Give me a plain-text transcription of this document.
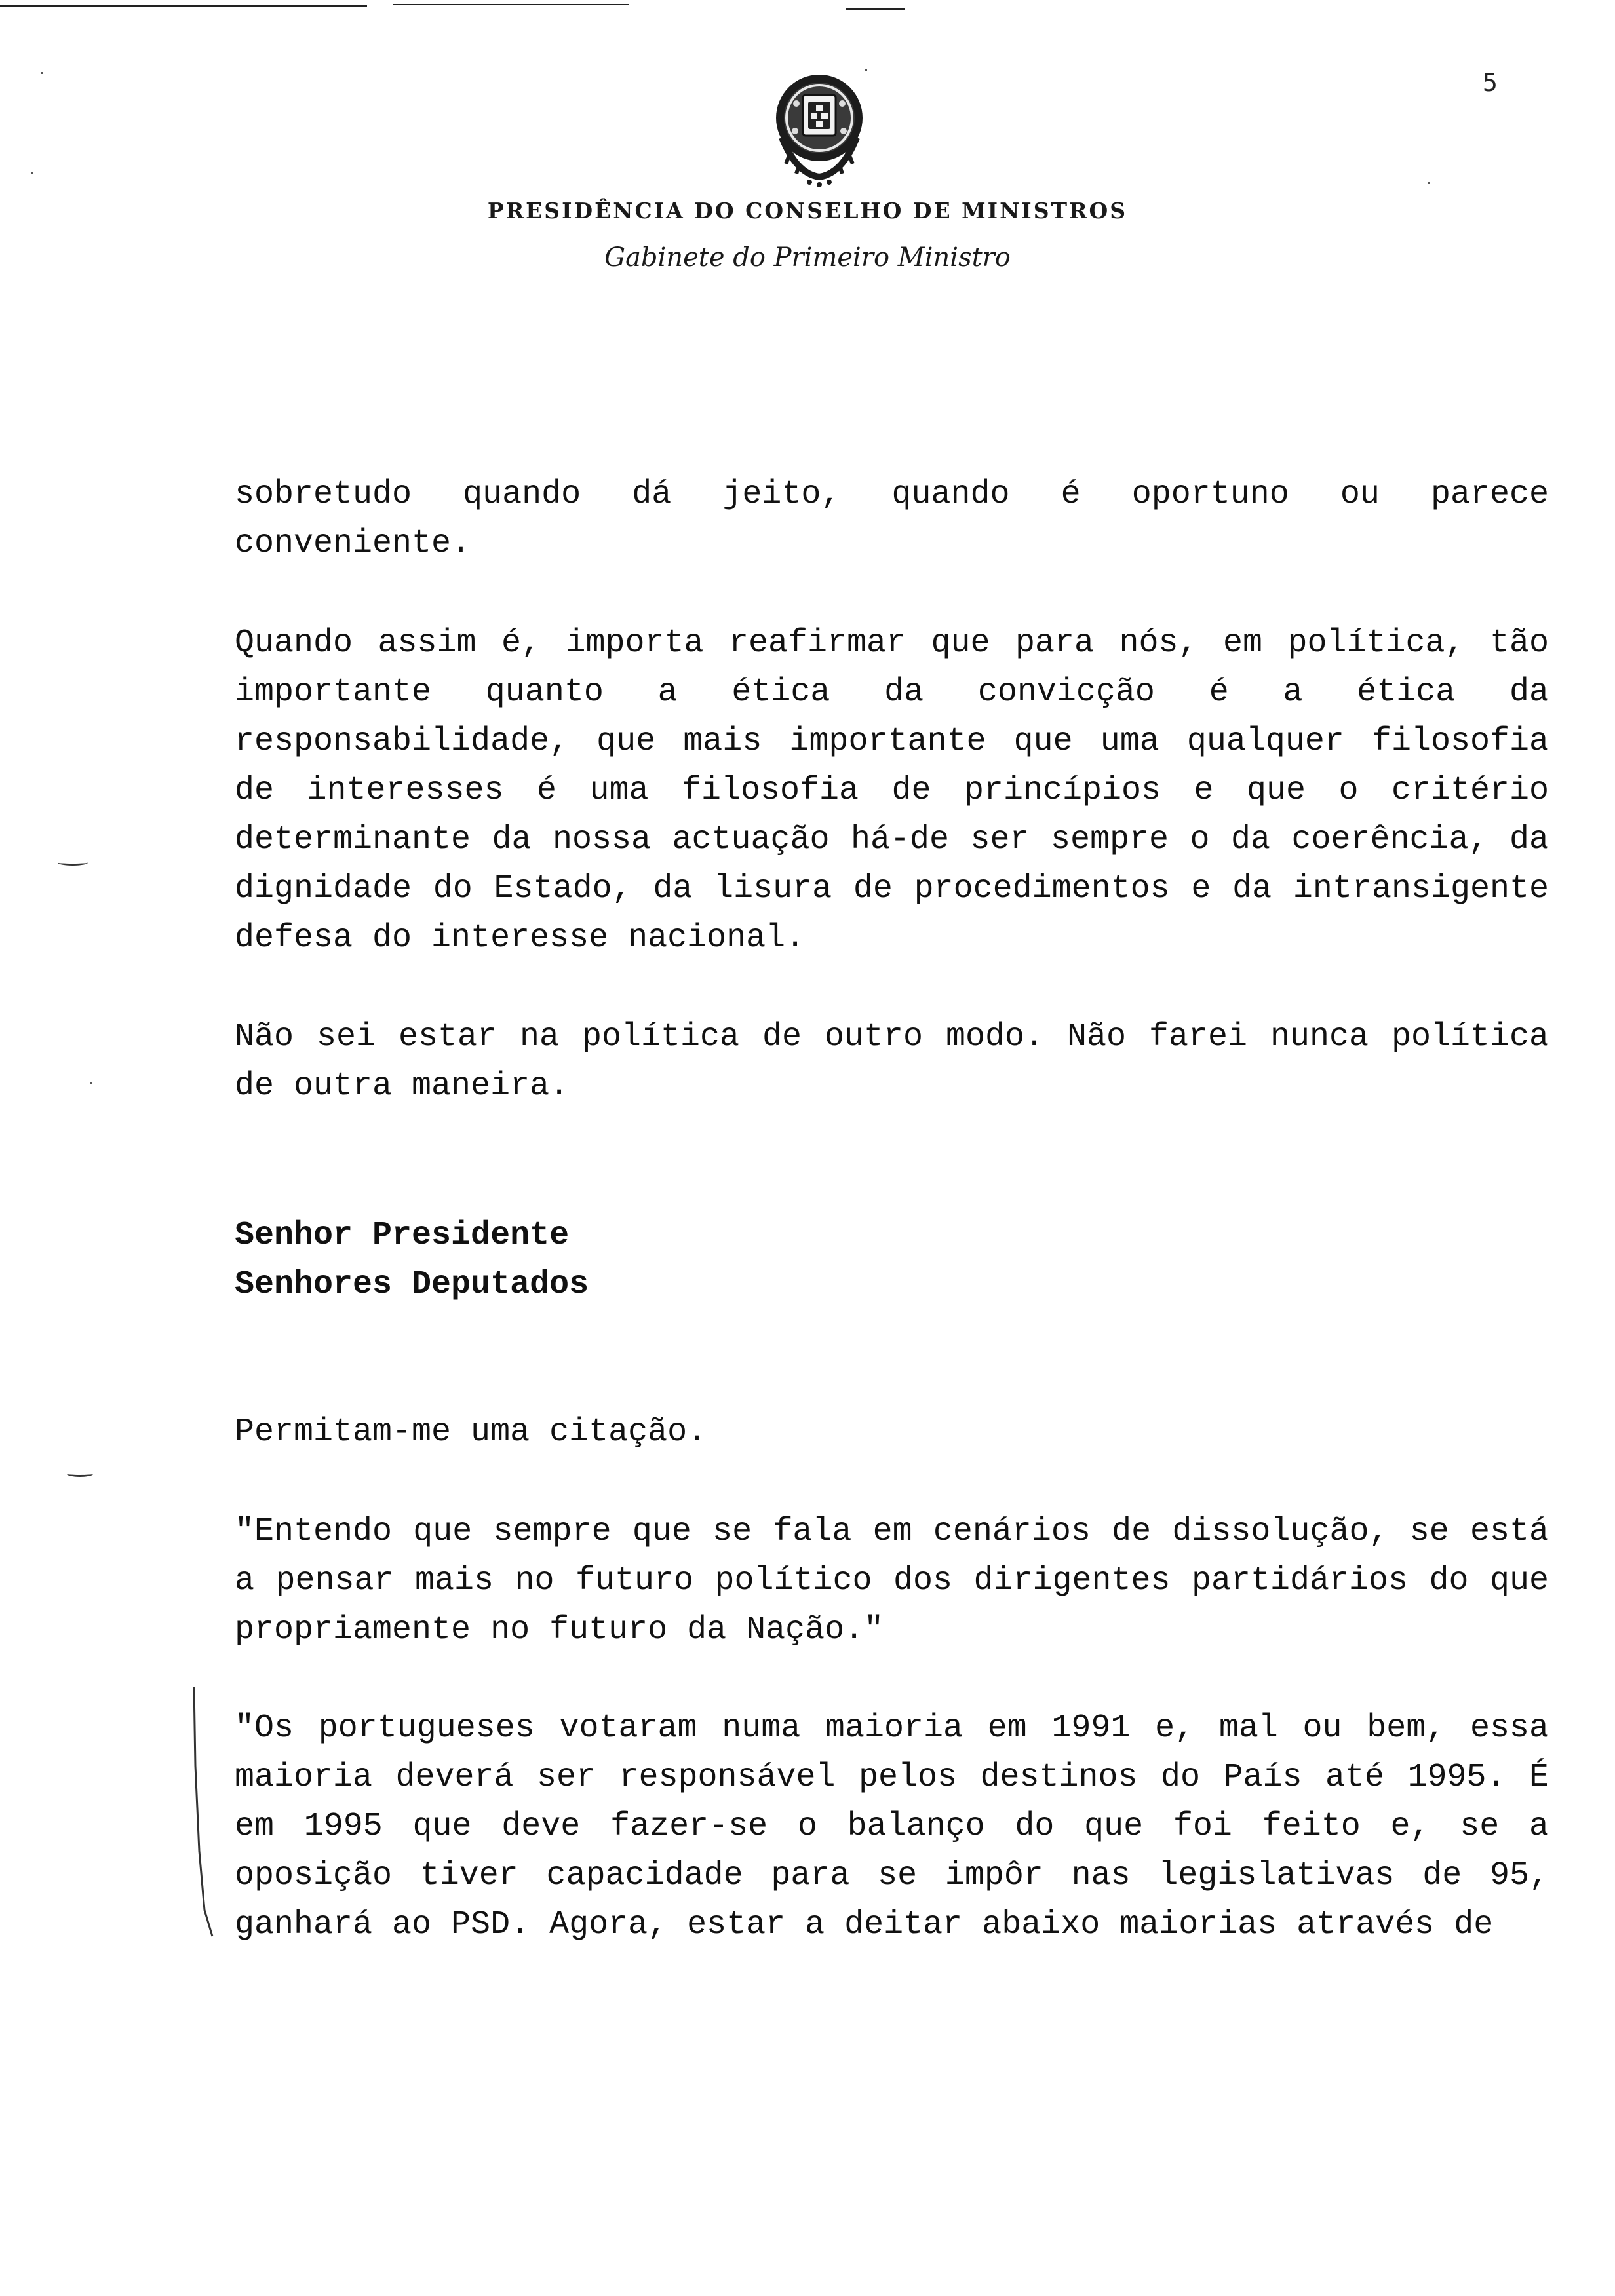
5
PRESIDÊNCIA DO CONSELHO DE MINISTROS
Gabinete do Primeiro Ministro

sobretudo quando dá jeito, quando é oportuno ou parece conveniente.

Quando assim é, importa reafirmar que para nós, em política, tão importante quanto a ética da convicção é a ética da responsabilidade, que mais importante que uma qualquer filosofia de interesses é uma filosofia de princípios e que o critério determinante da nossa actuação há-de ser sempre o da coerência, da dignidade do Estado, da lisura de procedimentos e da intransigente defesa do interesse nacional.

Não sei estar na política de outro modo. Não farei nunca política de outra maneira.

Senhor Presidente

Senhores Deputados

Permitam-me uma citação.

"Entendo que sempre que se fala em cenários de dissolução, se está a pensar mais no futuro político dos dirigentes partidários do que propriamente no futuro da Nação."

"Os portugueses votaram numa maioria em 1991 e, mal ou bem, essa maioria deverá ser responsável pelos destinos do País até 1995. É em 1995 que deve fazer-se o balanço do que foi feito e, se a oposição tiver capacidade para se impôr nas legislativas de 95, ganhará ao PSD. Agora, estar a deitar abaixo maiorias através de
